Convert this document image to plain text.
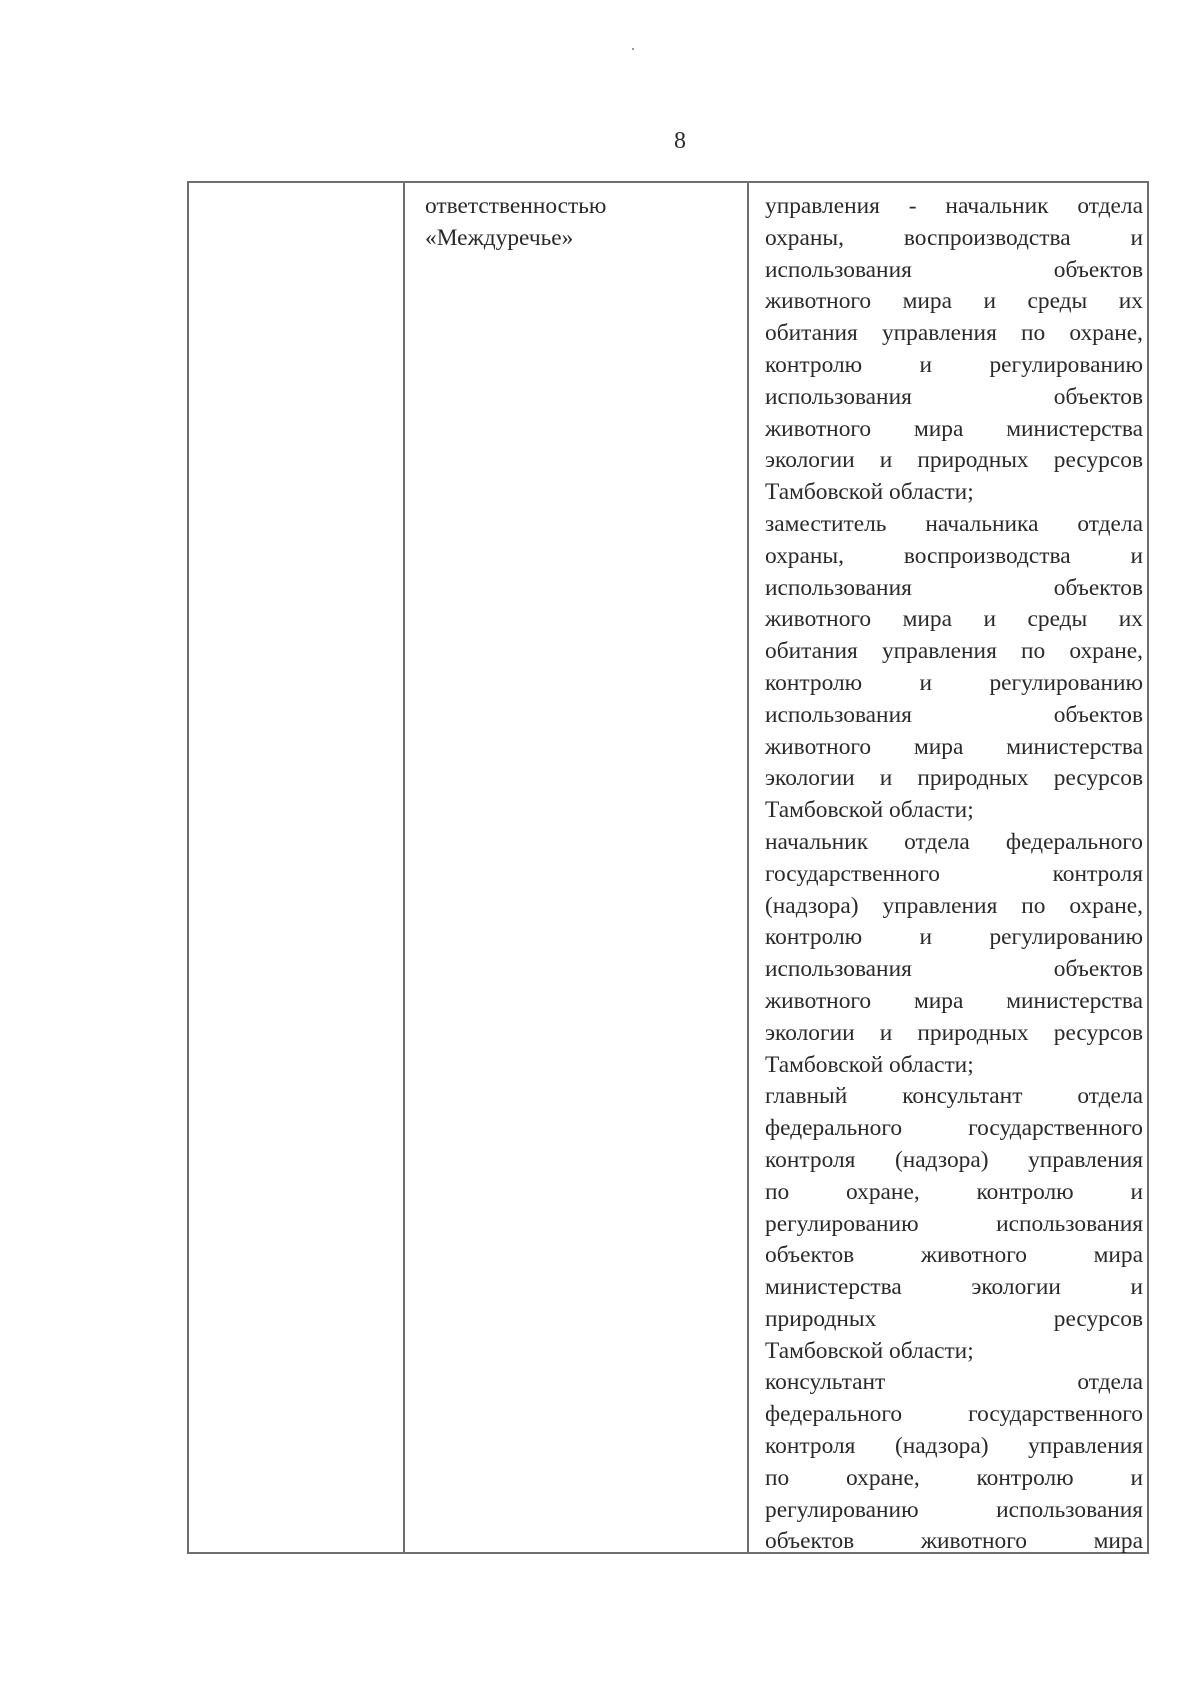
8
ответственностью
«Междуречье»
управления - начальник отдела
охраны, воспроизводства и
использования объектов
животного мира и среды их
обитания управления по охране,
контролю и регулированию
использования объектов
животного мира министерства
экологии и природных ресурсов
Тамбовской области;
заместитель начальника отдела
охраны, воспроизводства и
использования объектов
животного мира и среды их
обитания управления по охране,
контролю и регулированию
использования объектов
животного мира министерства
экологии и природных ресурсов
Тамбовской области;
начальник отдела федерального
государственного контроля
(надзора) управления по охране,
контролю и регулированию
использования объектов
животного мира министерства
экологии и природных ресурсов
Тамбовской области;
главный консультант отдела
федерального государственного
контроля (надзора) управления
по охране, контролю и
регулированию использования
объектов животного мира
министерства экологии и
природных ресурсов
Тамбовской области;
консультант отдела
федерального государственного
контроля (надзора) управления
по охране, контролю и
регулированию использования
объектов животного мира
